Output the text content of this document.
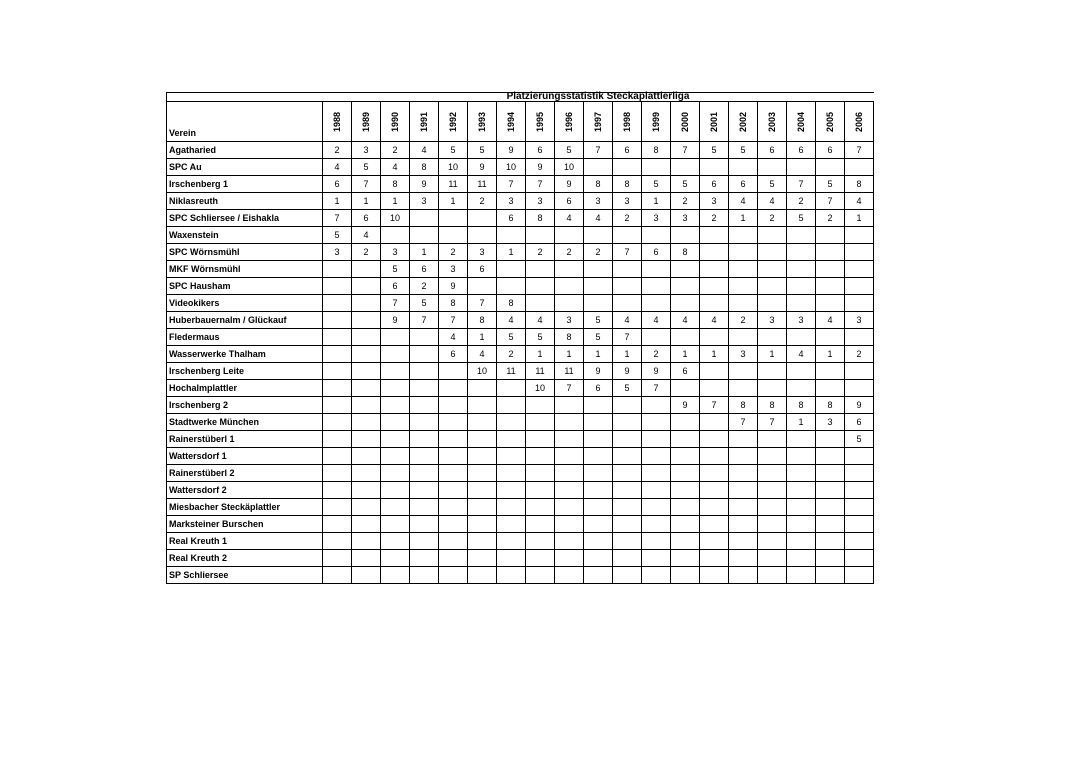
	Platzierungsstatistik Steckäplattlerliga																		
Verein	1988	1989	1990	1991	1992	1993	1994	1995	1996	1997	1998	1999	2000	2001	2002	2003	2004	2005	2006
Agatharied	2	3	2	4	5	5	9	6	5	7	6	8	7	5	5	6	6	6	7
SPC Au	4	5	4	8	10	9	10	9	10										
Irschenberg 1	6	7	8	9	11	11	7	7	9	8	8	5	5	6	6	5	7	5	8
Niklasreuth	1	1	1	3	1	2	3	3	6	3	3	1	2	3	4	4	2	7	4
SPC Schliersee / Eishakla	7	6	10				6	8	4	4	2	3	3	2	1	2	5	2	1
Waxenstein	5	4																	
SPC Wörnsmühl	3	2	3	1	2	3	1	2	2	2	7	6	8						
MKF Wörnsmühl			5	6	3	6													
SPC Hausham			6	2	9														
Videokikers			7	5	8	7	8												
Huberbauernalm / Glückauf			9	7	7	8	4	4	3	5	4	4	4	4	2	3	3	4	3
Fledermaus					4	1	5	5	8	5	7								
Wasserwerke Thalham					6	4	2	1	1	1	1	2	1	1	3	1	4	1	2
Irschenberg Leite						10	11	11	11	9	9	9	6						
Hochalmplattler								10	7	6	5	7							
Irschenberg 2													9	7	8	8	8	8	9
Stadtwerke München															7	7	1	3	6
Rainerstüberl 1																			5
Wattersdorf 1																			
Rainerstüberl 2																			
Wattersdorf 2																			
Miesbacher Steckäplattler																			
Marksteiner Burschen																			
Real Kreuth 1																			
Real Kreuth 2																			
SP Schliersee																			
